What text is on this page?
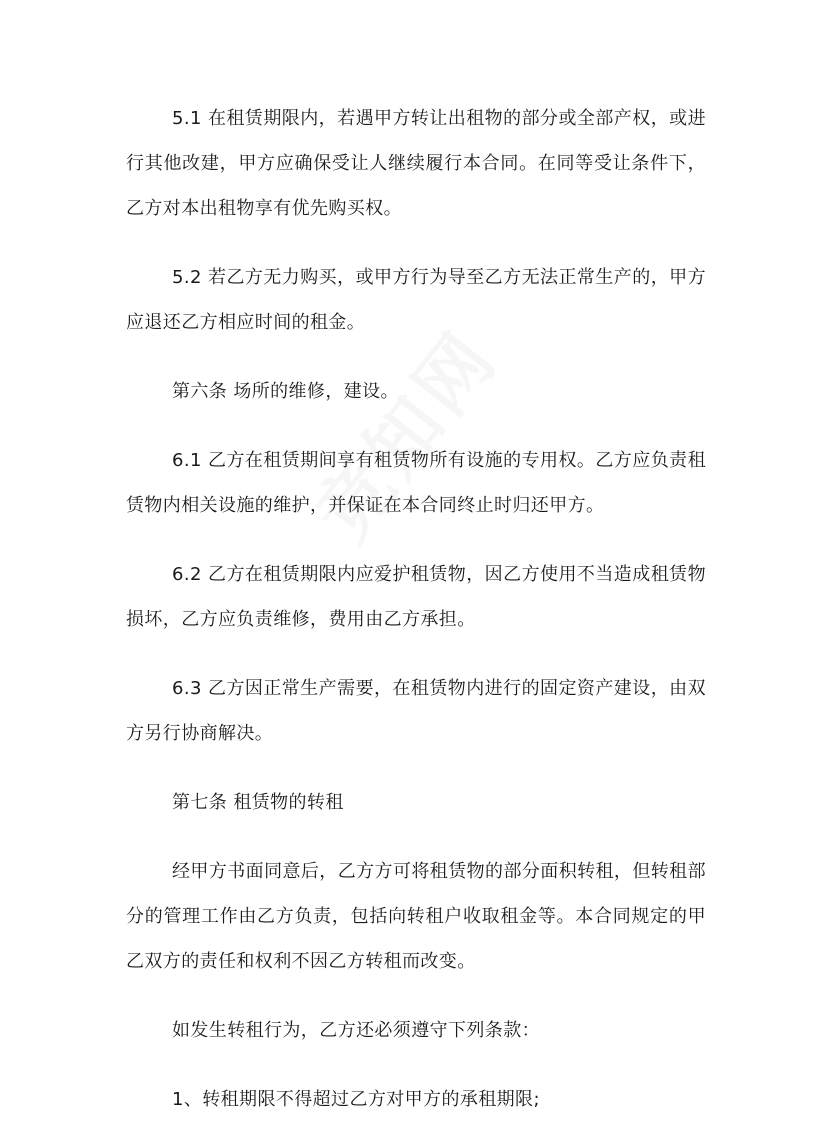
5.1 在租赁期限内，若遇甲方转让出租物的部分或全部产权，或进行其他改建，甲方应确保受让人继续履行本合同。在同等受让条件下，乙方对本出租物享有优先购买权。

5.2 若乙方无力购买，或甲方行为导至乙方无法正常生产的，甲方应退还乙方相应时间的租金。

第六条 场所的维修，建设。

6.1 乙方在租赁期间享有租赁物所有设施的专用权。乙方应负责租赁物内相关设施的维护，并保证在本合同终止时归还甲方。

6.2 乙方在租赁期限内应爱护租赁物，因乙方使用不当造成租赁物损坏，乙方应负责维修，费用由乙方承担。

6.3 乙方因正常生产需要，在租赁物内进行的固定资产建设，由双方另行协商解决。

第七条 租赁物的转租

经甲方书面同意后，乙方方可将租赁物的部分面积转租，但转租部分的管理工作由乙方负责，包括向转租户收取租金等。本合同规定的甲乙双方的责任和权利不因乙方转租而改变。

如发生转租行为，乙方还必须遵守下列条款：

1、转租期限不得超过乙方对甲方的承租期限;
